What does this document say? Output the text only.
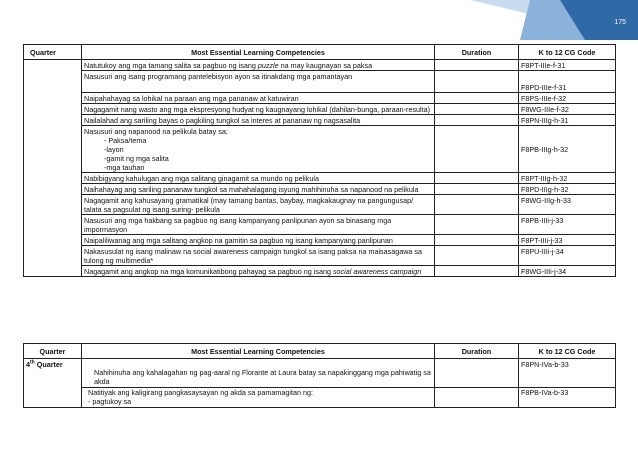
175
Quarter	Most Essential Learning Competencies	Duration	K to 12 CG Code
	Natutukoy ang mga tamang salita sa pagbuo ng isang puzzle na may kaugnayan sa paksa		F8PT-IIIe-f-31
	Nasusuri ang isang programang pantelebisyon ayon sa itinakdang mga pamantayan		F8PD-IIIe-f-31
	Naipahahayag sa lohikal na paraan ang mga pananaw at katuwiran		F8PS-IIIe-f-32
	Nagagamit nang wasto ang mga ekspresyong hudyat ng kaugnayang lohikal (dahilan-bunga, paraan-resulta)		F8WG-IIIe-f-32
	Nailalahad ang sariling bayas o pagkiling tungkol sa interes at pananaw ng nagsasalita		F8PN-IIIg-h-31

	Nasusuri ang napanood na pelikula batay sa:
- Paksa/tema
-layon
-gamit ng mga salita
-mga tauhan		F8PB-IIIg-h-32
	Nabibigyang kahulugan ang mga salitang ginagamit sa mundo ng pelikula		F8PT-IIIg-h-32
	Naihahayag ang sariling pananaw tungkol sa mahahalagang isyung mahihinuha sa napanood na pelikula		F8PD-IIIg-h-32
	Nagagamit ang kahusayang gramatikal (may tamang bantas, baybay, magkakaugnay na pangungusap/ talata sa pagsulat ng isang suring- pelikula		F8WG-IIIg-h-33
	Nasusuri ang mga hakbang sa pagbuo ng isang kampanyang panlipunan ayon sa binasang mga impormasyon		F8PB-IIIi-j-33
	Naipaliliwanag ang mga salitang angkop na gamitin sa pagbuo ng isang kampanyang panlipunan		F8PT-IIIi-j-33
	Nakasusulat ng isang malinaw na social awareness campaign tungkol sa isang paksa na maisasagawa sa tulong ng multimedia*		F8PU-IIIi-j-34
	Nagagamit ang angkop na mga komunikatibong pahayag sa pagbuo ng isang social awareness campaign		F8WG-IIIi-j-34
Quarter	Most Essential Learning Competencies	Duration	K to 12 CG Code
4th Quarter	Nahihinuha ang kahalagahan ng pag-aaral ng Florante at Laura batay sa napakinggang mga pahiwatig sa akda		F8PN-IVa-b-33

	Natitiyak ang kaligirang pangkasaysayan ng akda sa pamamagitan ng:
- pagtukoy sa		F8PB-IVa-b-33
